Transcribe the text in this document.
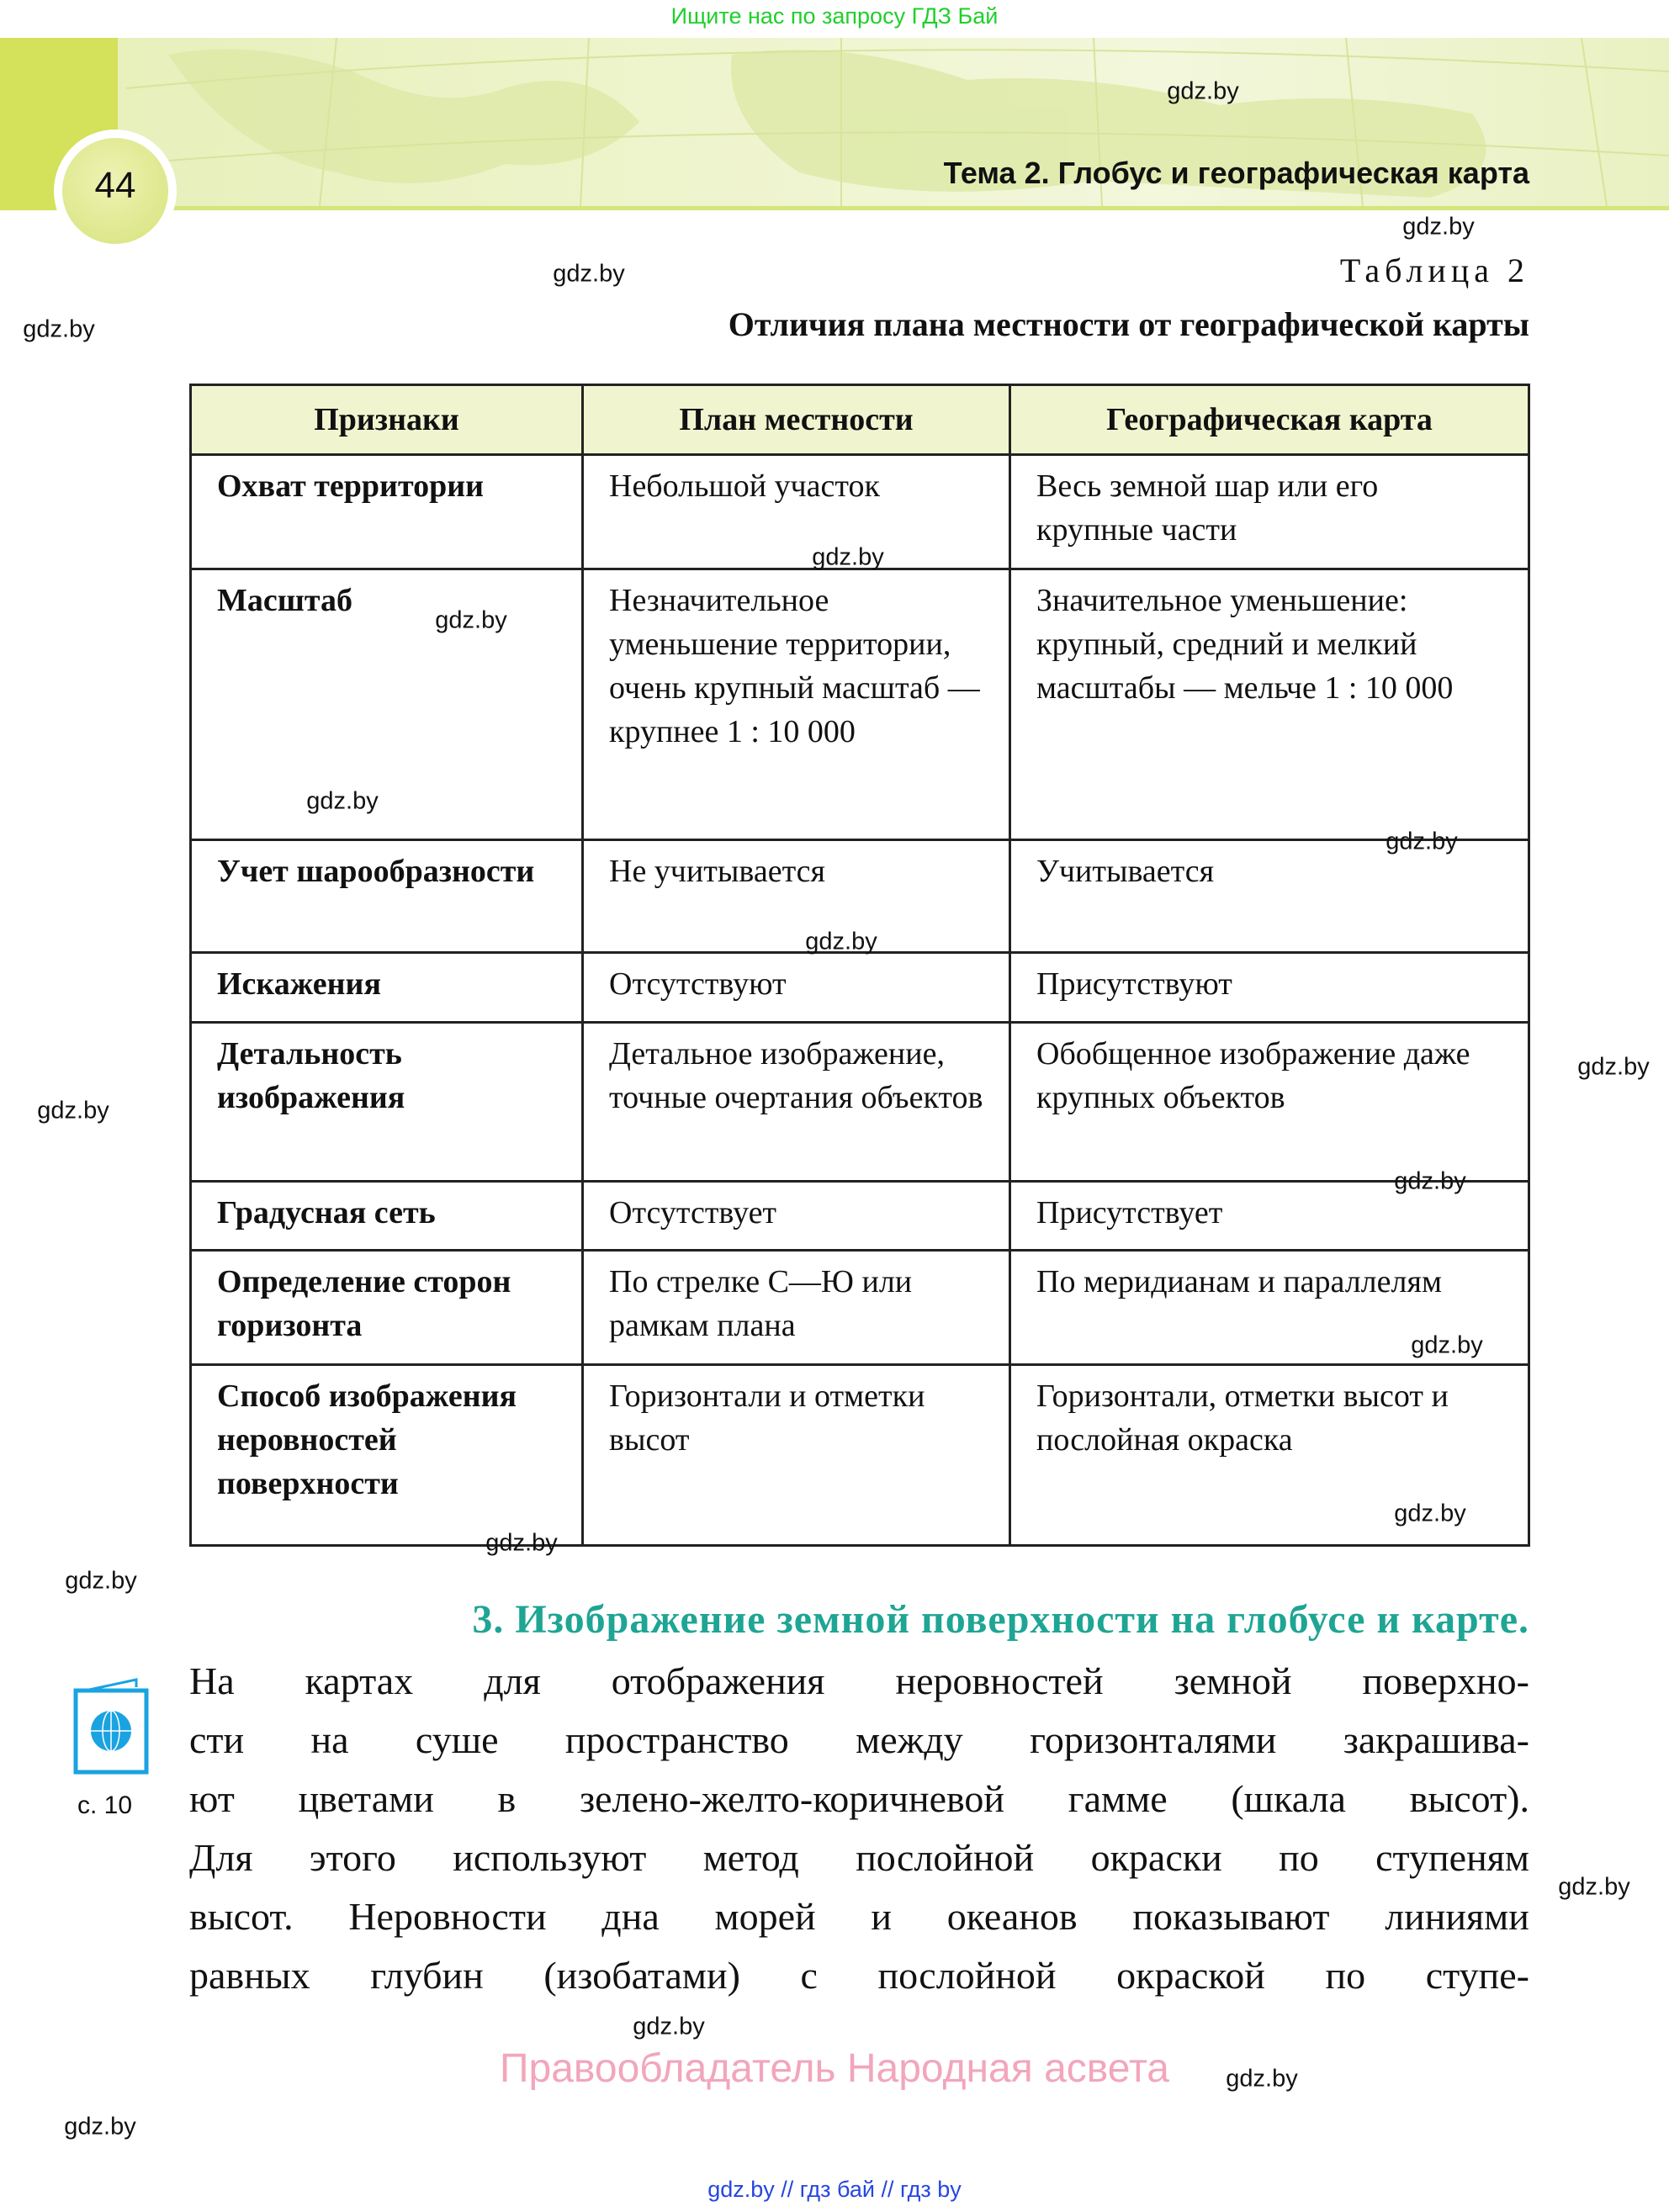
Ищите нас по запросу ГДЗ Бай
44	Тема 2. Глобус и географическая карта
Таблица 2
Отличия плана местности от географической карты
Признаки	План местности	Географическая карта
Охват территории	Небольшой участок	Весь земной шар или его крупные части
Масштаб	Незначительное уменьшение территории, очень крупный масштаб — крупнее 1 : 10 000	Значительное уменьшение: крупный, средний и мелкий масштабы — мельче 1 : 10 000
Учет шарообразности	Не учитывается	Учитывается
Искажения	Отсутствуют	Присутствуют
Детальность изображения	Детальное изображение, точные очертания объектов	Обобщенное изображение даже крупных объектов
Градусная сеть	Отсутствует	Присутствует
Определение сторон горизонта	По стрелке С—Ю или рамкам плана	По меридианам и параллелям
Способ изображения неровностей поверхности	Горизонтали и отметки высот	Горизонтали, отметки высот и послойная окраска
3. Изображение земной поверхности на глобусе и карте.
с. 10
На картах для отображения неровностей земной поверхно-
сти на суше пространство между горизонталями закрашива-
ют цветами в зелено-желто-коричневой гамме (шкала высот).
Для этого используют метод послойной окраски по ступеням
высот. Неровности дна морей и океанов показывают линиями
равных глубин (изобатами) с послойной окраской по ступе-
Правообладатель Народная асвета
gdz.by // гдз бай // гдз by
gdz.by
gdz.by
gdz.by
gdz.by
gdz.by
gdz.by
gdz.by
gdz.by
gdz.by
gdz.by
gdz.by
gdz.by
gdz.by
gdz.by
gdz.by
gdz.by
gdz.by
gdz.by
gdz.by
gdz.by
